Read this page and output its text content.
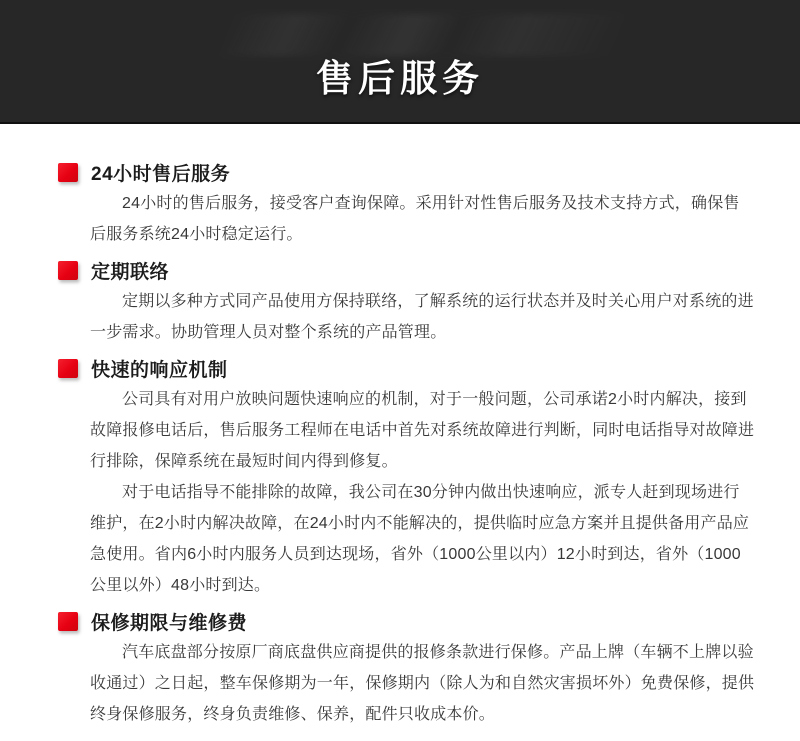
售后服务
24小时售后服务
24小时的售后服务，接受客户查询保障。采用针对性售后服务及技术支持方式，确保售
后服务系统24小时稳定运行。
定期联络
定期以多种方式同产品使用方保持联络，了解系统的运行状态并及时关心用户对系统的进
一步需求。协助管理人员对整个系统的产品管理。
快速的响应机制
公司具有对用户放映问题快速响应的机制，对于一般问题，公司承诺2小时内解决，接到
故障报修电话后，售后服务工程师在电话中首先对系统故障进行判断，同时电话指导对故障进
行排除，保障系统在最短时间内得到修复。
对于电话指导不能排除的故障，我公司在30分钟内做出快速响应，派专人赶到现场进行
维护，在2小时内解决故障，在24小时内不能解决的，提供临时应急方案并且提供备用产品应
急使用。省内6小时内服务人员到达现场，省外（1000公里以内）12小时到达，省外（1000
公里以外）48小时到达。
保修期限与维修费
汽车底盘部分按原厂商底盘供应商提供的报修条款进行保修。产品上牌（车辆不上牌以验
收通过）之日起，整车保修期为一年，保修期内（除人为和自然灾害损坏外）免费保修，提供
终身保修服务，终身负责维修、保养，配件只收成本价。
